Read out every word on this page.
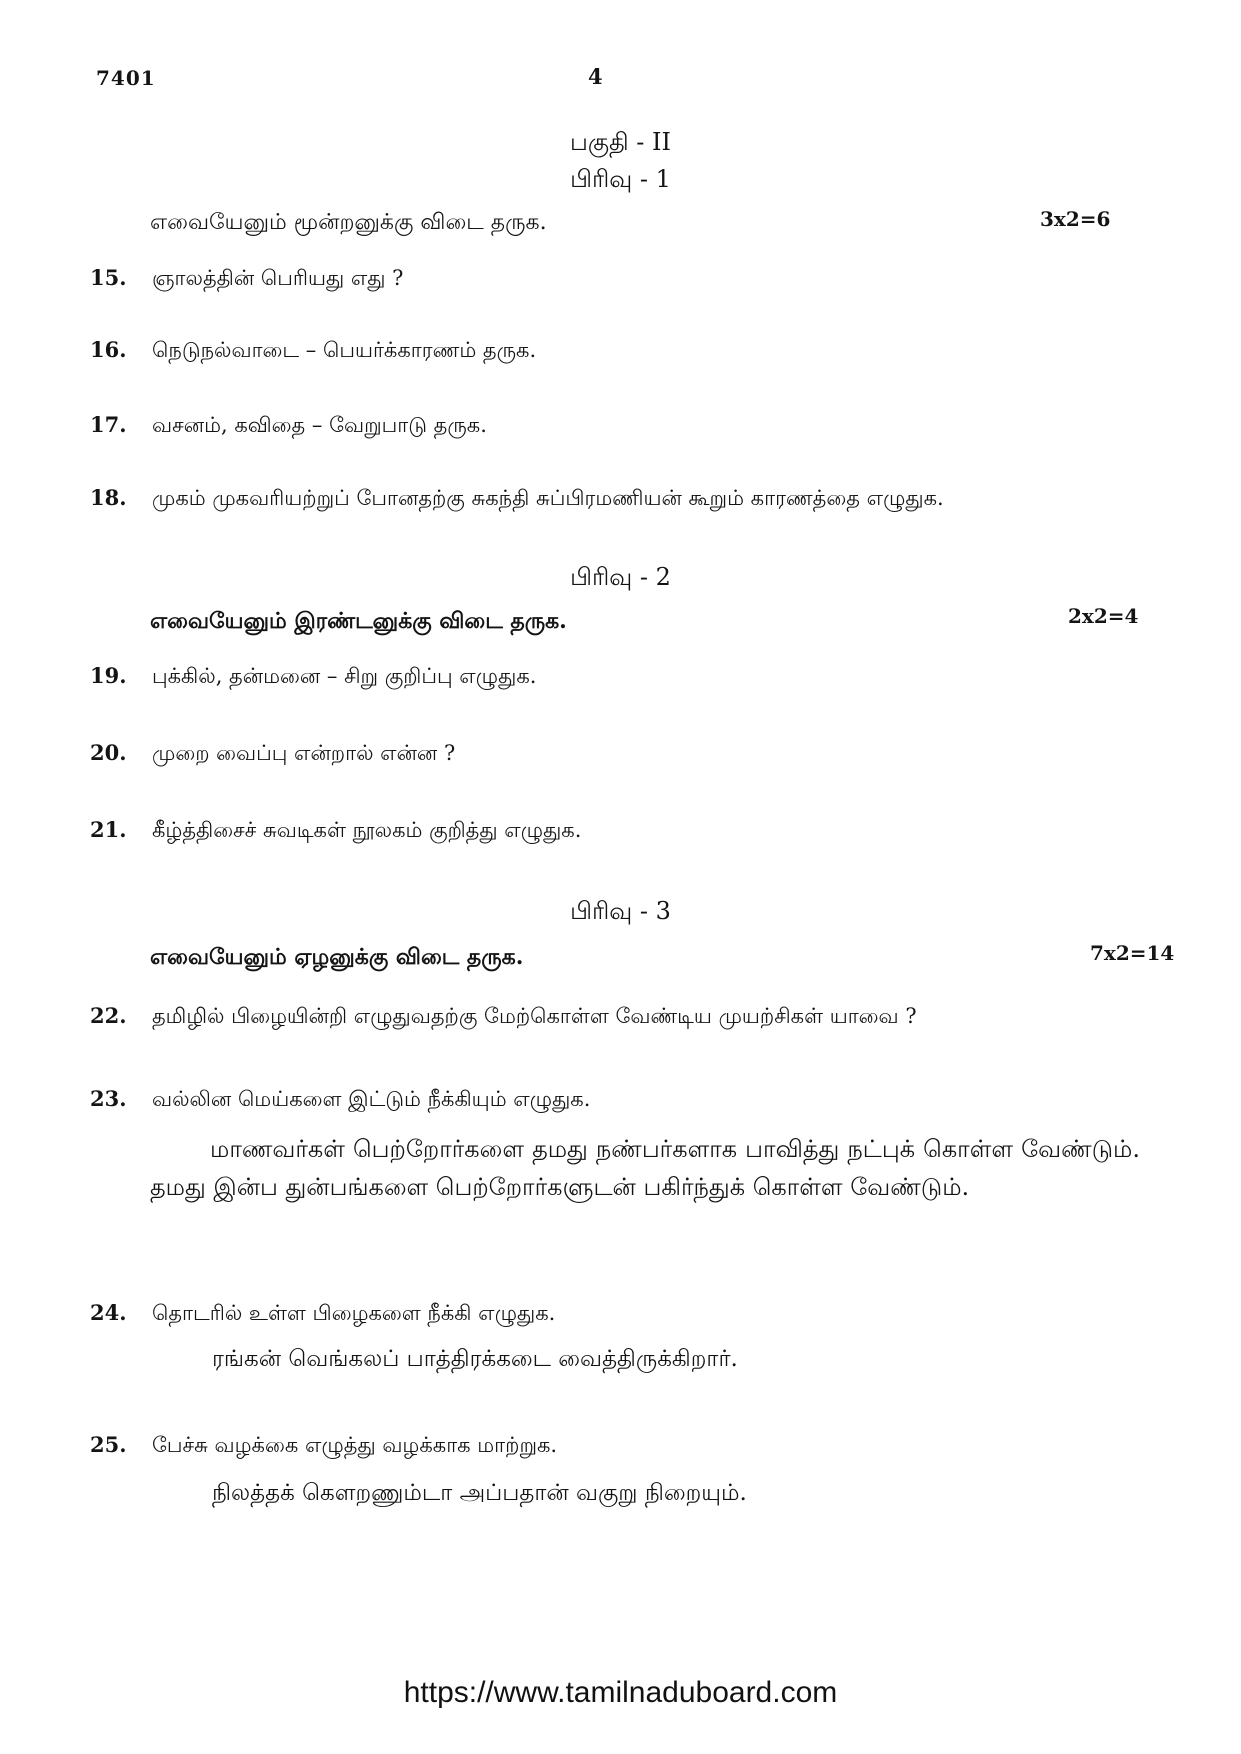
7401	4
பகுதி - II
பிரிவு - 1
எவையேனும் மூன்றனுக்கு விடை தருக.	3x2=6
15. ஞாலத்தின் பெரியது எது ?
16. நெடுநல்வாடை – பெயர்க்காரணம் தருக.
17. வசனம், கவிதை – வேறுபாடு தருக.
18. முகம் முகவரியற்றுப் போனதற்கு சுகந்தி சுப்பிரமணியன் கூறும் காரணத்தை எழுதுக.
பிரிவு - 2
எவையேனும் இரண்டனுக்கு விடை தருக.	2x2=4
19. புக்கில், தன்மனை – சிறு குறிப்பு எழுதுக.
20. முறை வைப்பு என்றால் என்ன ?
21. கீழ்த்திசைச் சுவடிகள் நூலகம் குறித்து எழுதுக.
பிரிவு - 3
எவையேனும் ஏழனுக்கு விடை தருக.	7x2=14
22. தமிழில் பிழையின்றி எழுதுவதற்கு மேற்கொள்ள வேண்டிய முயற்சிகள் யாவை ?
23. வல்லின மெய்களை இட்டும் நீக்கியும் எழுதுக.
மாணவர்கள் பெற்றோர்களை தமது நண்பர்களாக பாவித்து நட்புக் கொள்ள வேண்டும். தமது இன்ப துன்பங்களை பெற்றோர்களுடன் பகிர்ந்துக் கொள்ள வேண்டும்.
24. தொடரில் உள்ள பிழைகளை நீக்கி எழுதுக.
ரங்கன் வெங்கலப் பாத்திரக்கடை வைத்திருக்கிறார்.
25. பேச்சு வழக்கை எழுத்து வழக்காக மாற்றுக.
நிலத்தக் கௌறணும்டா அப்பதான் வகுறு நிறையும்.
https://www.tamilnaduboard.com
